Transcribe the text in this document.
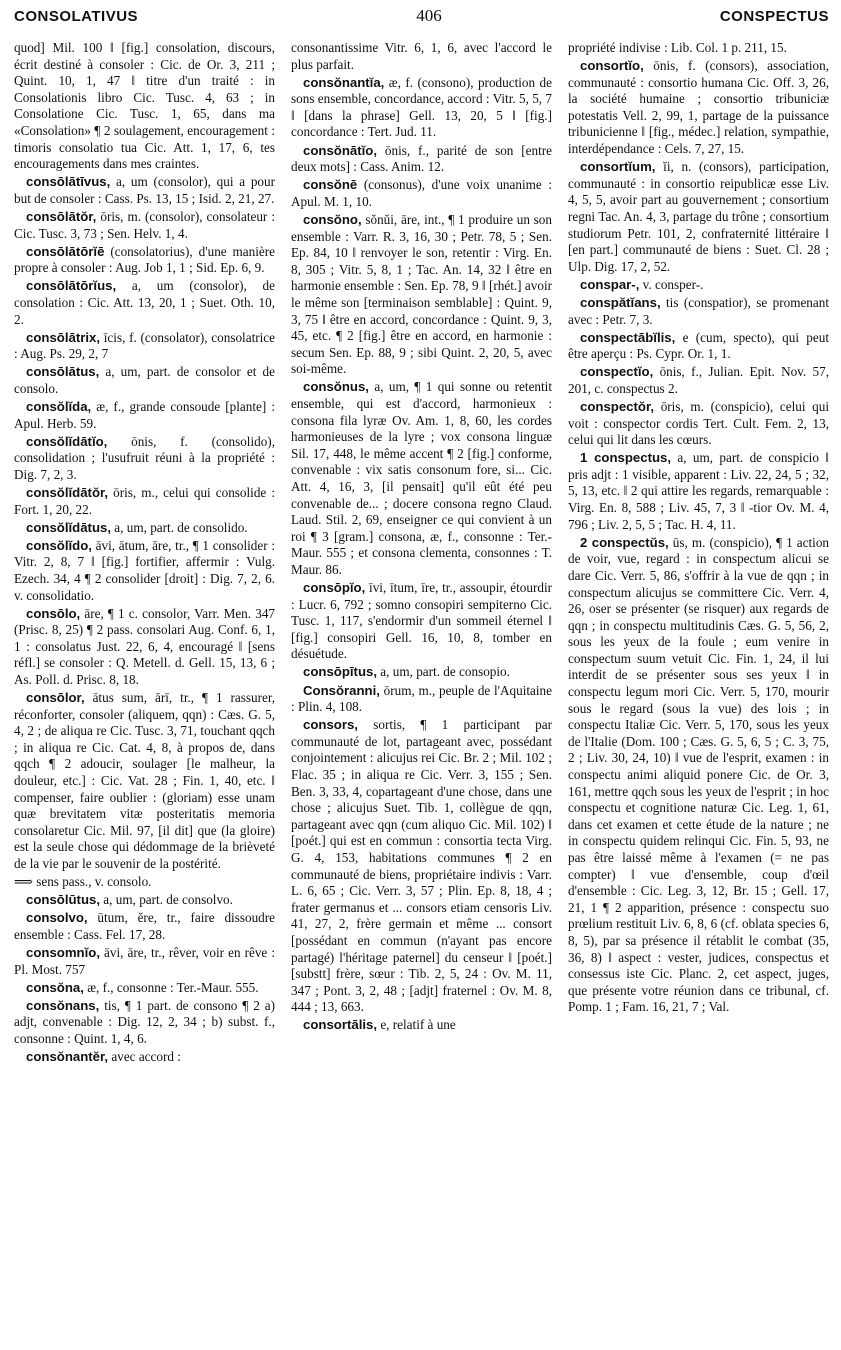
CONSOLATIVUS	406	CONSPECTUS

quod] Mil. 100 ‖ [fig.] consolation, discours, écrit destiné à consoler : Cic. de Or. 3, 211 ; Quint. 10, 1, 47 ‖ titre d'un traité : in Consolationis libro Cic. Tusc. 4, 63 ; in Consolatione Cic. Tusc. 1, 65, dans ma «Consolation» ¶ 2 soulagement, encouragement : timoris consolatio tua Cic. Att. 1, 17, 6, tes encouragements dans mes craintes.

consōlātīvus, a, um (consolor), qui a pour but de consoler : Cass. Ps. 13, 15 ; Isid. 2, 21, 27.

consōlātŏr, ōris, m. (consolor), consolateur : Cic. Tusc. 3, 73 ; Sen. Helv. 1, 4.

consōlātōrĭē (consolatorius), d'une manière propre à consoler : Aug. Job 1, 1 ; Sid. Ep. 6, 9.

consōlātōrĭus, a, um (consolor), de consolation : Cic. Att. 13, 20, 1 ; Suet. Oth. 10, 2.

consōlātrix, īcis, f. (consolator), consolatrice : Aug. Ps. 29, 2, 7

consōlātus, a, um, part. de consolor et de consolo.

consŏlĭda, æ, f., grande consoude [plante] : Apul. Herb. 59.

consŏlĭdātĭo, ōnis, f. (consolido), consolidation ; l'usufruit réuni à la propriété : Dig. 7, 2, 3.

consŏlĭdātŏr, ōris, m., celui qui consolide : Fort. 1, 20, 22.

consŏlĭdātus, a, um, part. de consolido.

consŏlĭdo, āvi, ātum, āre, tr., ¶ 1 consolider : Vitr. 2, 8, 7 ‖ [fig.] fortifier, affermir : Vulg. Ezech. 34, 4 ¶ 2 consolider [droit] : Dig. 7, 2, 6. v. consolidatio.

consōlo, āre, ¶ 1 c. consolor, Varr. Men. 347 (Prisc. 8, 25) ¶ 2 pass. consolari Aug. Conf. 6, 1, 1 : consolatus Just. 22, 6, 4, encouragé ‖ [sens réfl.] se consoler : Q. Metell. d. Gell. 15, 13, 6 ; As. Poll. d. Prisc. 8, 18.

consōlor, ātus sum, ārī, tr., ¶ 1 rassurer, réconforter, consoler (aliquem, qqn) : Cæs. G. 5, 4, 2 ; de aliqua re Cic. Tusc. 3, 71, touchant qqch ; in aliqua re Cic. Cat. 4, 8, à propos de, dans qqch ¶ 2 adoucir, soulager [le malheur, la douleur, etc.] : Cic. Vat. 28 ; Fin. 1, 40, etc. ‖ compenser, faire oublier : (gloriam) esse unam quæ brevitatem vitæ posteritatis memoria consolaretur Cic. Mil. 97, [il dit] que (la gloire) est la seule chose qui dédommage de la brièveté de la vie par le souvenir de la postérité.

⟹ sens pass., v. consolo.

consōlūtus, a, um, part. de consolvo.

consolvo, ūtum, ĕre, tr., faire dissoudre ensemble : Cass. Fel. 17, 28.

consomnĭo, āvi, āre, tr., rêver, voir en rêve : Pl. Most. 757

consŏna, æ, f., consonne : Ter.-Maur. 555.

consŏnans, tis, ¶ 1 part. de consono ¶ 2 a) adjt, convenable : Dig. 12, 2, 34 ; b) subst. f., consonne : Quint. 1, 4, 6.

consŏnantĕr, avec accord :

consonantissime Vitr. 6, 1, 6, avec l'accord le plus parfait.

consŏnantĭa, æ, f. (consono), production de sons ensemble, concordance, accord : Vitr. 5, 5, 7 ‖ [dans la phrase] Gell. 13, 20, 5 ‖ [fig.] concordance : Tert. Jud. 11.

consŏnātĭo, ōnis, f., parité de son [entre deux mots] : Cass. Anim. 12.

consŏnē (consonus), d'une voix unanime : Apul. M. 1, 10.

consŏno, sŏnŭi, āre, int., ¶ 1 produire un son ensemble : Varr. R. 3, 16, 30 ; Petr. 78, 5 ; Sen. Ep. 84, 10 ‖ renvoyer le son, retentir : Virg. En. 8, 305 ; Vitr. 5, 8, 1 ; Tac. An. 14, 32 ‖ être en harmonie ensemble : Sen. Ep. 78, 9 ‖ [rhét.] avoir le même son [terminaison semblable] : Quint. 9, 3, 75 ‖ être en accord, concordance : Quint. 9, 3, 45, etc. ¶ 2 [fig.] être en accord, en harmonie : secum Sen. Ep. 88, 9 ; sibi Quint. 2, 20, 5, avec soi-même.

consŏnus, a, um, ¶ 1 qui sonne ou retentit ensemble, qui est d'accord, harmonieux : consona fila lyræ Ov. Am. 1, 8, 60, les cordes harmonieuses de la lyre ; vox consona linguæ Sil. 17, 448, le même accent ¶ 2 [fig.] conforme, convenable : vix satis consonum fore, si... Cic. Att. 4, 16, 3, [il pensait] qu'il eût été peu convenable de... ; docere consona regno Claud. Laud. Stil. 2, 69, enseigner ce qui convient à un roi ¶ 3 [gram.] consona, æ, f., consonne : Ter.-Maur. 555 ; et consona clementa, consonnes : T. Maur. 86.

consōpĭo, īvi, ītum, īre, tr., assoupir, étourdir : Lucr. 6, 792 ; somno consopiri sempiterno Cic. Tusc. 1, 117, s'endormir d'un sommeil éternel ‖ [fig.] consopiri Gell. 16, 10, 8, tomber en désuétude.

consōpītus, a, um, part. de consopio.

Consŏranni, ōrum, m., peuple de l'Aquitaine : Plin. 4, 108.

consors, sortis, ¶ 1 participant par communauté de lot, partageant avec, possédant conjointement : alicujus rei Cic. Br. 2 ; Mil. 102 ; Flac. 35 ; in aliqua re Cic. Verr. 3, 155 ; Sen. Ben. 3, 33, 4, copartageant d'une chose, dans une chose ; alicujus Suet. Tib. 1, collègue de qqn, partageant avec qqn (cum aliquo Cic. Mil. 102) ‖ [poét.] qui est en commun : consortia tecta Virg. G. 4, 153, habitations communes ¶ 2 en communauté de biens, propriétaire indivis : Varr. L. 6, 65 ; Cic. Verr. 3, 57 ; Plin. Ep. 8, 18, 4 ; frater germanus et ... consors etiam censoris Liv. 41, 27, 2, frère germain et même ... consort [possédant en commun (n'ayant pas encore partagé) l'héritage paternel] du censeur ‖ [poét.] [substt] frère, sœur : Tib. 2, 5, 24 : Ov. M. 11, 347 ; Pont. 3, 2, 48 ; [adjt] fraternel : Ov. M. 8, 444 ; 13, 663.

consortālis, e, relatif à une

propriété indivise : Lib. Col. 1 p. 211, 15.

consortĭo, ōnis, f. (consors), association, communauté : consortio humana Cic. Off. 3, 26, la société humaine ; consortio tribuniciæ potestatis Vell. 2, 99, 1, partage de la puissance tribunicienne ‖ [fig., médec.] relation, sympathie, interdépendance : Cels. 7, 27, 15.

consortĭum, ĭi, n. (consors), participation, communauté : in consortio reipublicæ esse Liv. 4, 5, 5, avoir part au gouvernement ; consortium regni Tac. An. 4, 3, partage du trône ; consortium studiorum Petr. 101, 2, confraternité littéraire ‖ [en part.] communauté de biens : Suet. Cl. 28 ; Ulp. Dig. 17, 2, 52.

conspar-, v. consper-.

conspătĭans, tis (conspatior), se promenant avec : Petr. 7, 3.

conspectābĭlis, e (cum, specto), qui peut être aperçu : Ps. Cypr. Or. 1, 1.

conspectĭo, ōnis, f., Julian. Epit. Nov. 57, 201, c. conspectus 2.

conspectŏr, ōris, m. (conspicio), celui qui voit : conspector cordis Tert. Cult. Fem. 2, 13, celui qui lit dans les cœurs.

1 conspectus, a, um, part. de conspicio ‖ pris adjt : 1 visible, apparent : Liv. 22, 24, 5 ; 32, 5, 13, etc. ‖ 2 qui attire les regards, remarquable : Virg. En. 8, 588 ; Liv. 45, 7, 3 ‖ -tior Ov. M. 4, 796 ; Liv. 2, 5, 5 ; Tac. H. 4, 11.

2 conspectŭs, ūs, m. (conspicio), ¶ 1 action de voir, vue, regard : in conspectum alicui se dare Cic. Verr. 5, 86, s'offrir à la vue de qqn ; in conspectum alicujus se committere Cic. Verr. 4, 26, oser se présenter (se risquer) aux regards de qqn ; in conspectu multitudinis Cæs. G. 5, 56, 2, sous les yeux de la foule ; eum venire in conspectum suum vetuit Cic. Fin. 1, 24, il lui interdit de se présenter sous ses yeux ‖ in conspectu legum mori Cic. Verr. 5, 170, mourir sous le regard (sous la vue) des lois ; in conspectu Italiæ Cic. Verr. 5, 170, sous les yeux de l'Italie (Dom. 100 ; Cæs. G. 5, 6, 5 ; C. 3, 75, 2 ; Liv. 30, 24, 10) ‖ vue de l'esprit, examen : in conspectu animi aliquid ponere Cic. de Or. 3, 161, mettre qqch sous les yeux de l'esprit ; in hoc conspectu et cognitione naturæ Cic. Leg. 1, 61, dans cet examen et cette étude de la nature ; ne in conspectu quidem relinqui Cic. Fin. 5, 93, ne pas être laissé même à l'examen (= ne pas compter) ‖ vue d'ensemble, coup d'œil d'ensemble : Cic. Leg. 3, 12, Br. 15 ; Gell. 17, 21, 1 ¶ 2 apparition, présence : conspectu suo prœlium restituit Liv. 6, 8, 6 (cf. oblata species 6, 8, 5), par sa présence il rétablit le combat (35, 36, 8) ‖ aspect : vester, judices, conspectus et consessus iste Cic. Planc. 2, cet aspect, juges, que présente votre réunion dans ce tribunal, cf. Pomp. 1 ; Fam. 16, 21, 7 ; Val.
